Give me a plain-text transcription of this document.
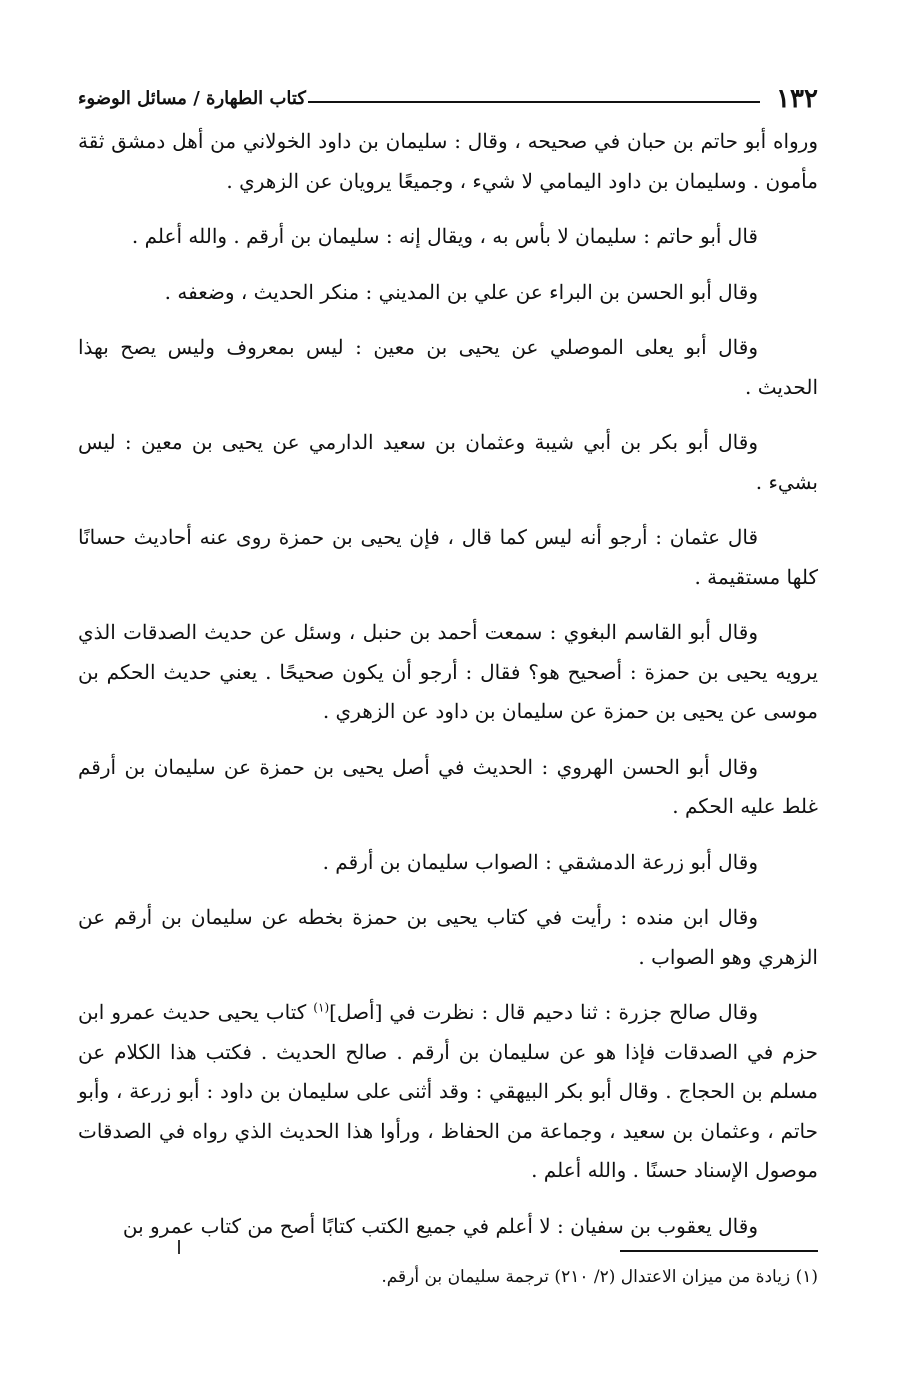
١٣٢
كتاب الطهارة / مسائل الوضوء

ورواه أبو حاتم بن حبان في صحيحه ، وقال : سليمان بن داود الخولاني من أهل دمشق ثقة مأمون . وسليمان بن داود اليمامي لا شيء ، وجميعًا يرويان عن الزهري .

قال أبو حاتم : سليمان لا بأس به ، ويقال إنه : سليمان بن أرقم . والله أعلم .

وقال أبو الحسن بن البراء عن علي بن المديني : منكر الحديث ، وضعفه .

وقال أبو يعلى الموصلي عن يحيى بن معين : ليس بمعروف وليس يصح بهذا الحديث .

وقال أبو بكر بن أبي شيبة وعثمان بن سعيد الدارمي عن يحيى بن معين : ليس بشيء .

قال عثمان : أرجو أنه ليس كما قال ، فإن يحيى بن حمزة روى عنه أحاديث حسانًا كلها مستقيمة .

وقال أبو القاسم البغوي : سمعت أحمد بن حنبل ، وسئل عن حديث الصدقات الذي يرويه يحيى بن حمزة : أصحيح هو؟ فقال : أرجو أن يكون صحيحًا . يعني حديث الحكم بن موسى عن يحيى بن حمزة عن سليمان بن داود عن الزهري .

وقال أبو الحسن الهروي : الحديث في أصل يحيى بن حمزة عن سليمان بن أرقم غلط عليه الحكم .

وقال أبو زرعة الدمشقي : الصواب سليمان بن أرقم .

وقال ابن منده : رأيت في كتاب يحيى بن حمزة بخطه عن سليمان بن أرقم عن الزهري وهو الصواب .

وقال صالح جزرة : ثنا دحيم قال : نظرت في [أصل]$^{(١)}$ كتاب يحيى حديث عمرو ابن حزم في الصدقات فإذا هو عن سليمان بن أرقم . صالح الحديث . فكتب هذا الكلام عن مسلم بن الحجاج . وقال أبو بكر البيهقي : وقد أثنى على سليمان بن داود : أبو زرعة ، وأبو حاتم ، وعثمان بن سعيد ، وجماعة من الحفاظ ، ورأوا هذا الحديث الذي رواه في الصدقات موصول الإسناد حسنًا . والله أعلم .

وقال يعقوب بن سفيان : لا أعلم في جميع الكتب كتابًا أصح من كتاب عمرو بن

(١) زيادة من ميزان الاعتدال (٢/ ٢١٠) ترجمة سليمان بن أرقم.
